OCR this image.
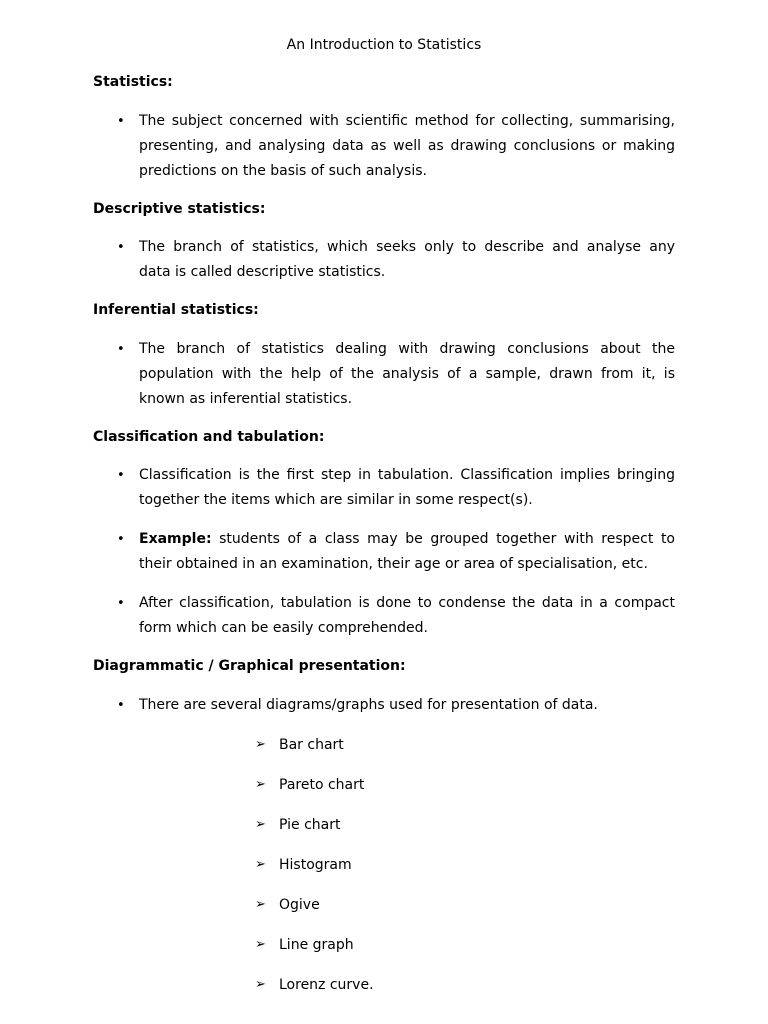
An Introduction to Statistics
Statistics:
• The subject concerned with scientific method for collecting, summarising,
presenting, and analysing data as well as drawing conclusions or making
predictions on the basis of such analysis.
Descriptive statistics:
• The branch of statistics, which seeks only to describe and analyse any
data is called descriptive statistics.
Inferential statistics:
• The branch of statistics dealing with drawing conclusions about the
population with the help of the analysis of a sample, drawn from it, is
known as inferential statistics.
Classification and tabulation:
• Classification is the first step in tabulation. Classification implies bringing
together the items which are similar in some respect(s).
• Example: students of a class may be grouped together with respect to
their obtained in an examination, their age or area of specialisation, etc.
• After classification, tabulation is done to condense the data in a compact
form which can be easily comprehended.
Diagrammatic / Graphical presentation:
• There are several diagrams/graphs used for presentation of data.
➢ Bar chart
➢ Pareto chart
➢ Pie chart
➢ Histogram
➢ Ogive
➢ Line graph
➢ Lorenz curve.
